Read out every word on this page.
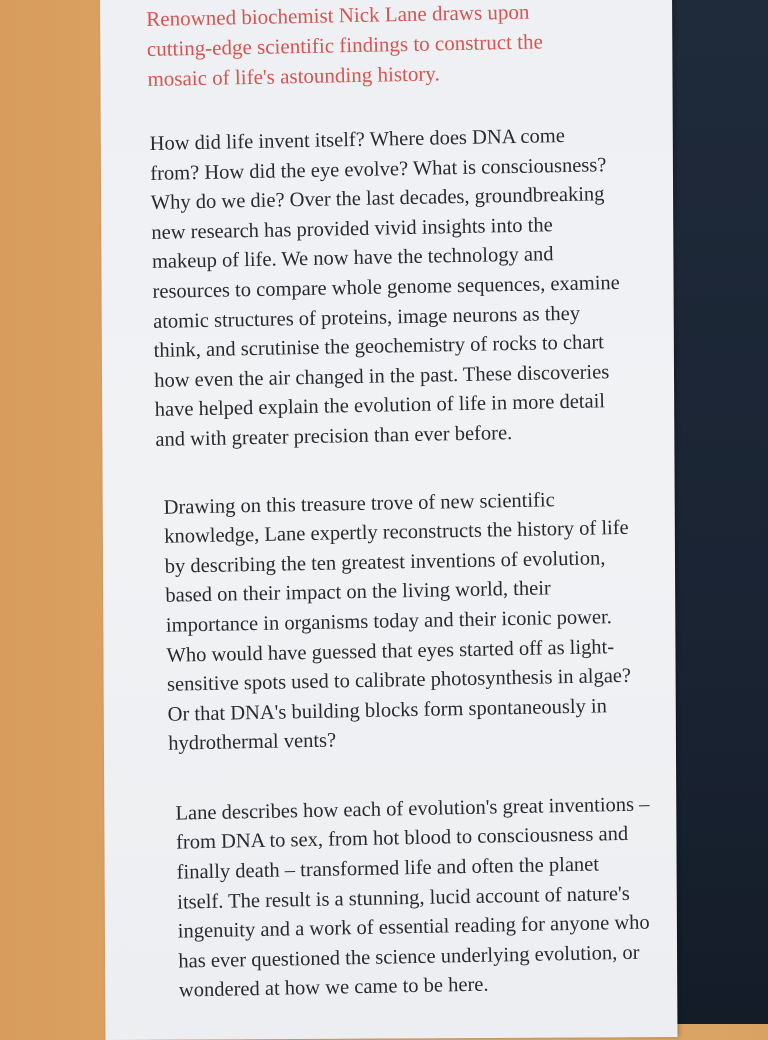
Renowned biochemist Nick Lane draws upon
cutting-edge scientific findings to construct the
mosaic of life's astounding history.
How did life invent itself? Where does DNA come
from? How did the eye evolve? What is consciousness?
Why do we die? Over the last decades, groundbreaking
new research has provided vivid insights into the
makeup of life. We now have the technology and
resources to compare whole genome sequences, examine
atomic structures of proteins, image neurons as they
think, and scrutinise the geochemistry of rocks to chart
how even the air changed in the past. These discoveries
have helped explain the evolution of life in more detail
and with greater precision than ever before.
Drawing on this treasure trove of new scientific
knowledge, Lane expertly reconstructs the history of life
by describing the ten greatest inventions of evolution,
based on their impact on the living world, their
importance in organisms today and their iconic power.
Who would have guessed that eyes started off as light-
sensitive spots used to calibrate photosynthesis in algae?
Or that DNA's building blocks form spontaneously in
hydrothermal vents?
Lane describes how each of evolution's great inventions –
from DNA to sex, from hot blood to consciousness and
finally death – transformed life and often the planet
itself. The result is a stunning, lucid account of nature's
ingenuity and a work of essential reading for anyone who
has ever questioned the science underlying evolution, or
wondered at how we came to be here.
